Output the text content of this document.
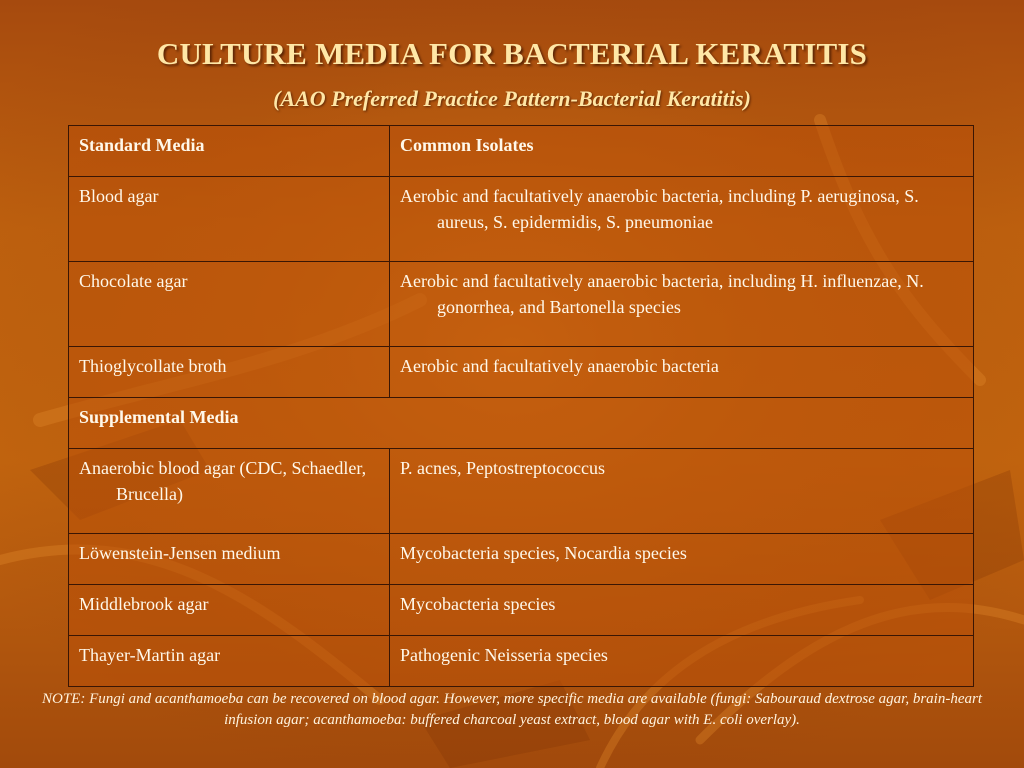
CULTURE MEDIA FOR BACTERIAL KERATITIS
(AAO Preferred Practice Pattern-Bacterial Keratitis)
Standard Media	Common Isolates

Blood agar	Aerobic and facultatively anaerobic bacteria, including P. aeruginosa, S. aureus, S. epidermidis, S. pneumoniae

Chocolate agar	Aerobic and facultatively anaerobic bacteria, including H. influenzae, N. gonorrhea, and Bartonella species

Thioglycollate broth	Aerobic and facultatively anaerobic bacteria

Supplemental Media	

Anaerobic blood agar (CDC, Schaedler, Brucella)	P. acnes, Peptostreptococcus

Löwenstein-Jensen medium	Mycobacteria species, Nocardia species

Middlebrook agar	Mycobacteria species

Thayer-Martin agar	Pathogenic Neisseria species
NOTE: Fungi and acanthamoeba can be recovered on blood agar. However, more specific media are available (fungi: Sabouraud dextrose agar, brain-heart infusion agar; acanthamoeba: buffered charcoal yeast extract, blood agar with E. coli overlay).
